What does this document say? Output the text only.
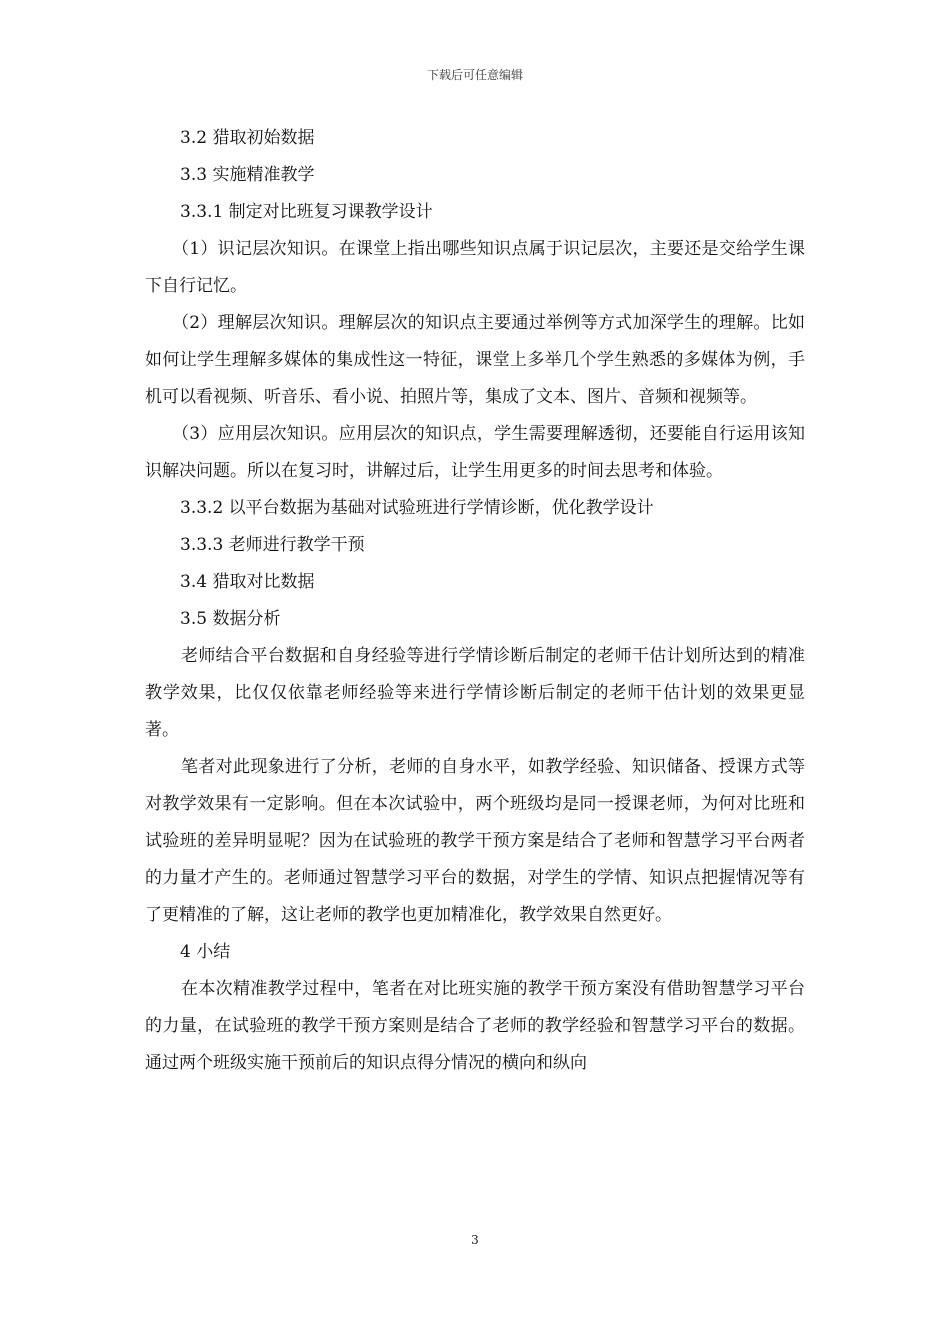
下载后可任意编辑

3.2 猎取初始数据

3.3 实施精准教学

3.3.1 制定对比班复习课教学设计

（1）识记层次知识。在课堂上指出哪些知识点属于识记层次，主要还是交给学生课下自行记忆。

（2）理解层次知识。理解层次的知识点主要通过举例等方式加深学生的理解。比如如何让学生理解多媒体的集成性这一特征，课堂上多举几个学生熟悉的多媒体为例，手机可以看视频、听音乐、看小说、拍照片等，集成了文本、图片、音频和视频等。

（3）应用层次知识。应用层次的知识点，学生需要理解透彻，还要能自行运用该知识解决问题。所以在复习时，讲解过后，让学生用更多的时间去思考和体验。

3.3.2 以平台数据为基础对试验班进行学情诊断，优化教学设计

3.3.3 老师进行教学干预

3.4 猎取对比数据

3.5 数据分析

老师结合平台数据和自身经验等进行学情诊断后制定的老师干估计划所达到的精准教学效果，比仅仅依靠老师经验等来进行学情诊断后制定的老师干估计划的效果更显著。

笔者对此现象进行了分析，老师的自身水平，如教学经验、知识储备、授课方式等对教学效果有一定影响。但在本次试验中，两个班级均是同一授课老师，为何对比班和试验班的差异明显呢？因为在试验班的教学干预方案是结合了老师和智慧学习平台两者的力量才产生的。老师通过智慧学习平台的数据，对学生的学情、知识点把握情况等有了更精准的了解，这让老师的教学也更加精准化，教学效果自然更好。

4 小结

在本次精准教学过程中，笔者在对比班实施的教学干预方案没有借助智慧学习平台的力量，在试验班的教学干预方案则是结合了老师的教学经验和智慧学习平台的数据。通过两个班级实施干预前后的知识点得分情况的横向和纵向

3
